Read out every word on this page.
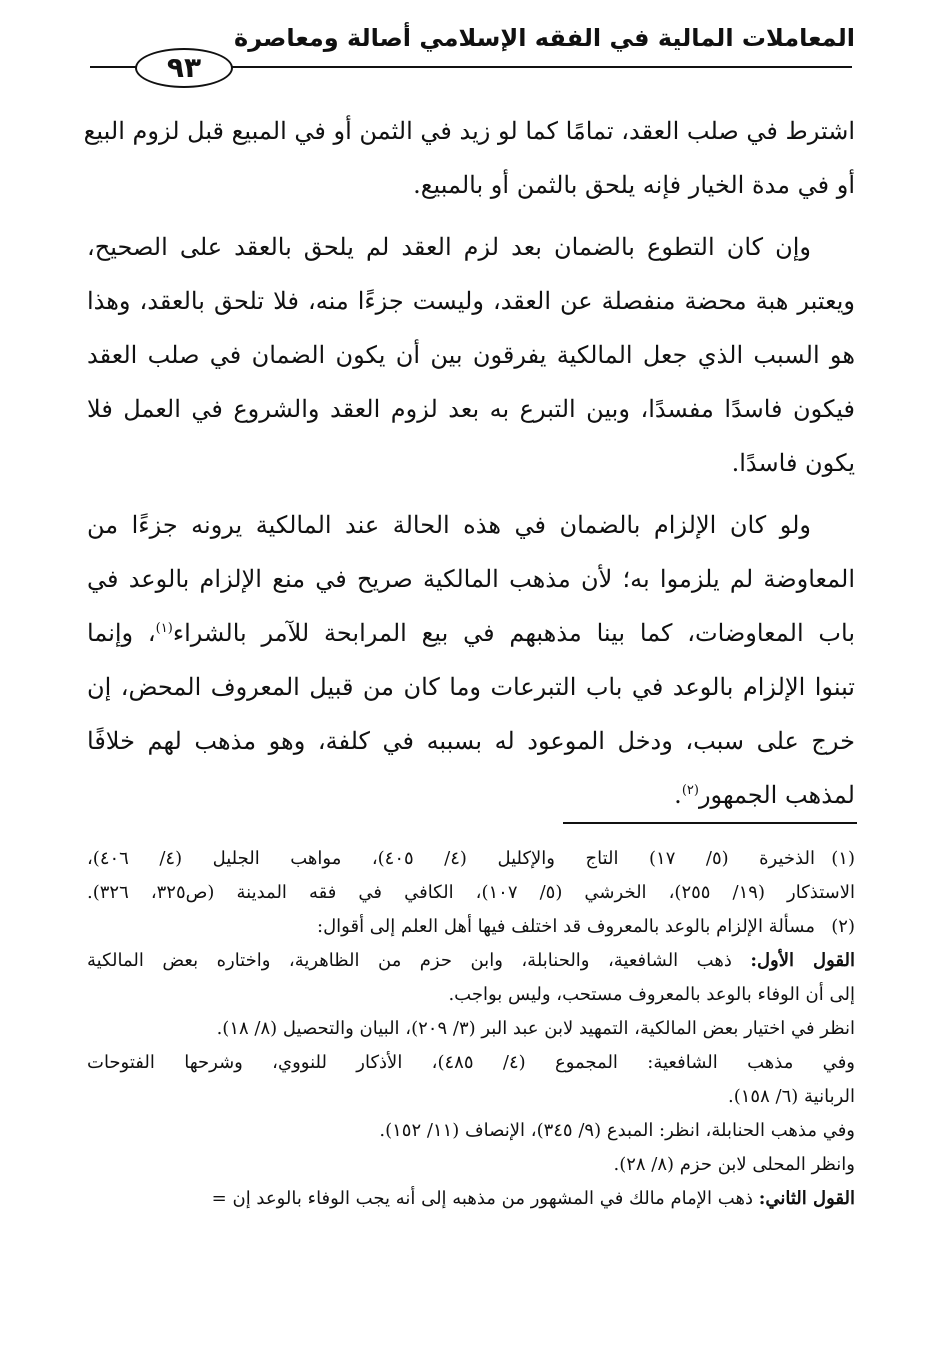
المعاملات المالية في الفقه الإسلامي أصالة ومعاصرة
٩٣
اشترط في صلب العقد، تمامًا كما لو زيد في الثمن أو في المبيع قبل لزوم البيع
أو في مدة الخيار فإنه يلحق بالثمن أو بالمبيع.
وإن كان التطوع بالضمان بعد لزم العقد لم يلحق بالعقد على الصحيح،
ويعتبر هبة محضة منفصلة عن العقد، وليست جزءًا منه، فلا تلحق بالعقد، وهذا
هو السبب الذي جعل المالكية يفرقون بين أن يكون الضمان في صلب العقد
فيكون فاسدًا مفسدًا، وبين التبرع به بعد لزوم العقد والشروع في العمل فلا
يكون فاسدًا.
ولو كان الإلزام بالضمان في هذه الحالة عند المالكية يرونه جزءًا من
المعاوضة لم يلزموا به؛ لأن مذهب المالكية صريح في منع الإلزام بالوعد في
باب المعاوضات، كما بينا مذهبهم في بيع المرابحة للآمر بالشراء$^{(١)}$، وإنما
تبنوا الإلزام بالوعد في باب التبرعات وما كان من قبيل المعروف المحض، إن
خرج على سبب، ودخل الموعود له بسببه في كلفة، وهو مذهب لهم خلافًا
لمذهب الجمهور$^{(٢)}$.
(١)الذخيرة (٥/ ١٧) التاج والإكليل (٤/ ٤٠٥)، مواهب الجليل (٤/ ٤٠٦)،
الاستذكار (١٩/ ٢٥٥)، الخرشي (٥/ ١٠٧)، الكافي في فقه المدينة (ص٣٢٥، ٣٢٦).
(٢)مسألة الإلزام بالوعد بالمعروف قد اختلف فيها أهل العلم إلى أقوال:
القول الأول: ذهب الشافعية، والحنابلة، وابن حزم من الظاهرية، واختاره بعض المالكية
إلى أن الوفاء بالوعد بالمعروف مستحب، وليس بواجب.
انظر في اختيار بعض المالكية، التمهيد لابن عبد البر (٣/ ٢٠٩)، البيان والتحصيل (٨/ ١٨).
وفي مذهب الشافعية: المجموع (٤/ ٤٨٥)، الأذكار للنووي، وشرحها الفتوحات
الربانية (٦/ ١٥٨).
وفي مذهب الحنابلة، انظر: المبدع (٩/ ٣٤٥)، الإنصاف (١١/ ١٥٢).
وانظر المحلى لابن حزم (٨/ ٢٨).
القول الثاني: ذهب الإمام مالك في المشهور من مذهبه إلى أنه يجب الوفاء بالوعد إن =
